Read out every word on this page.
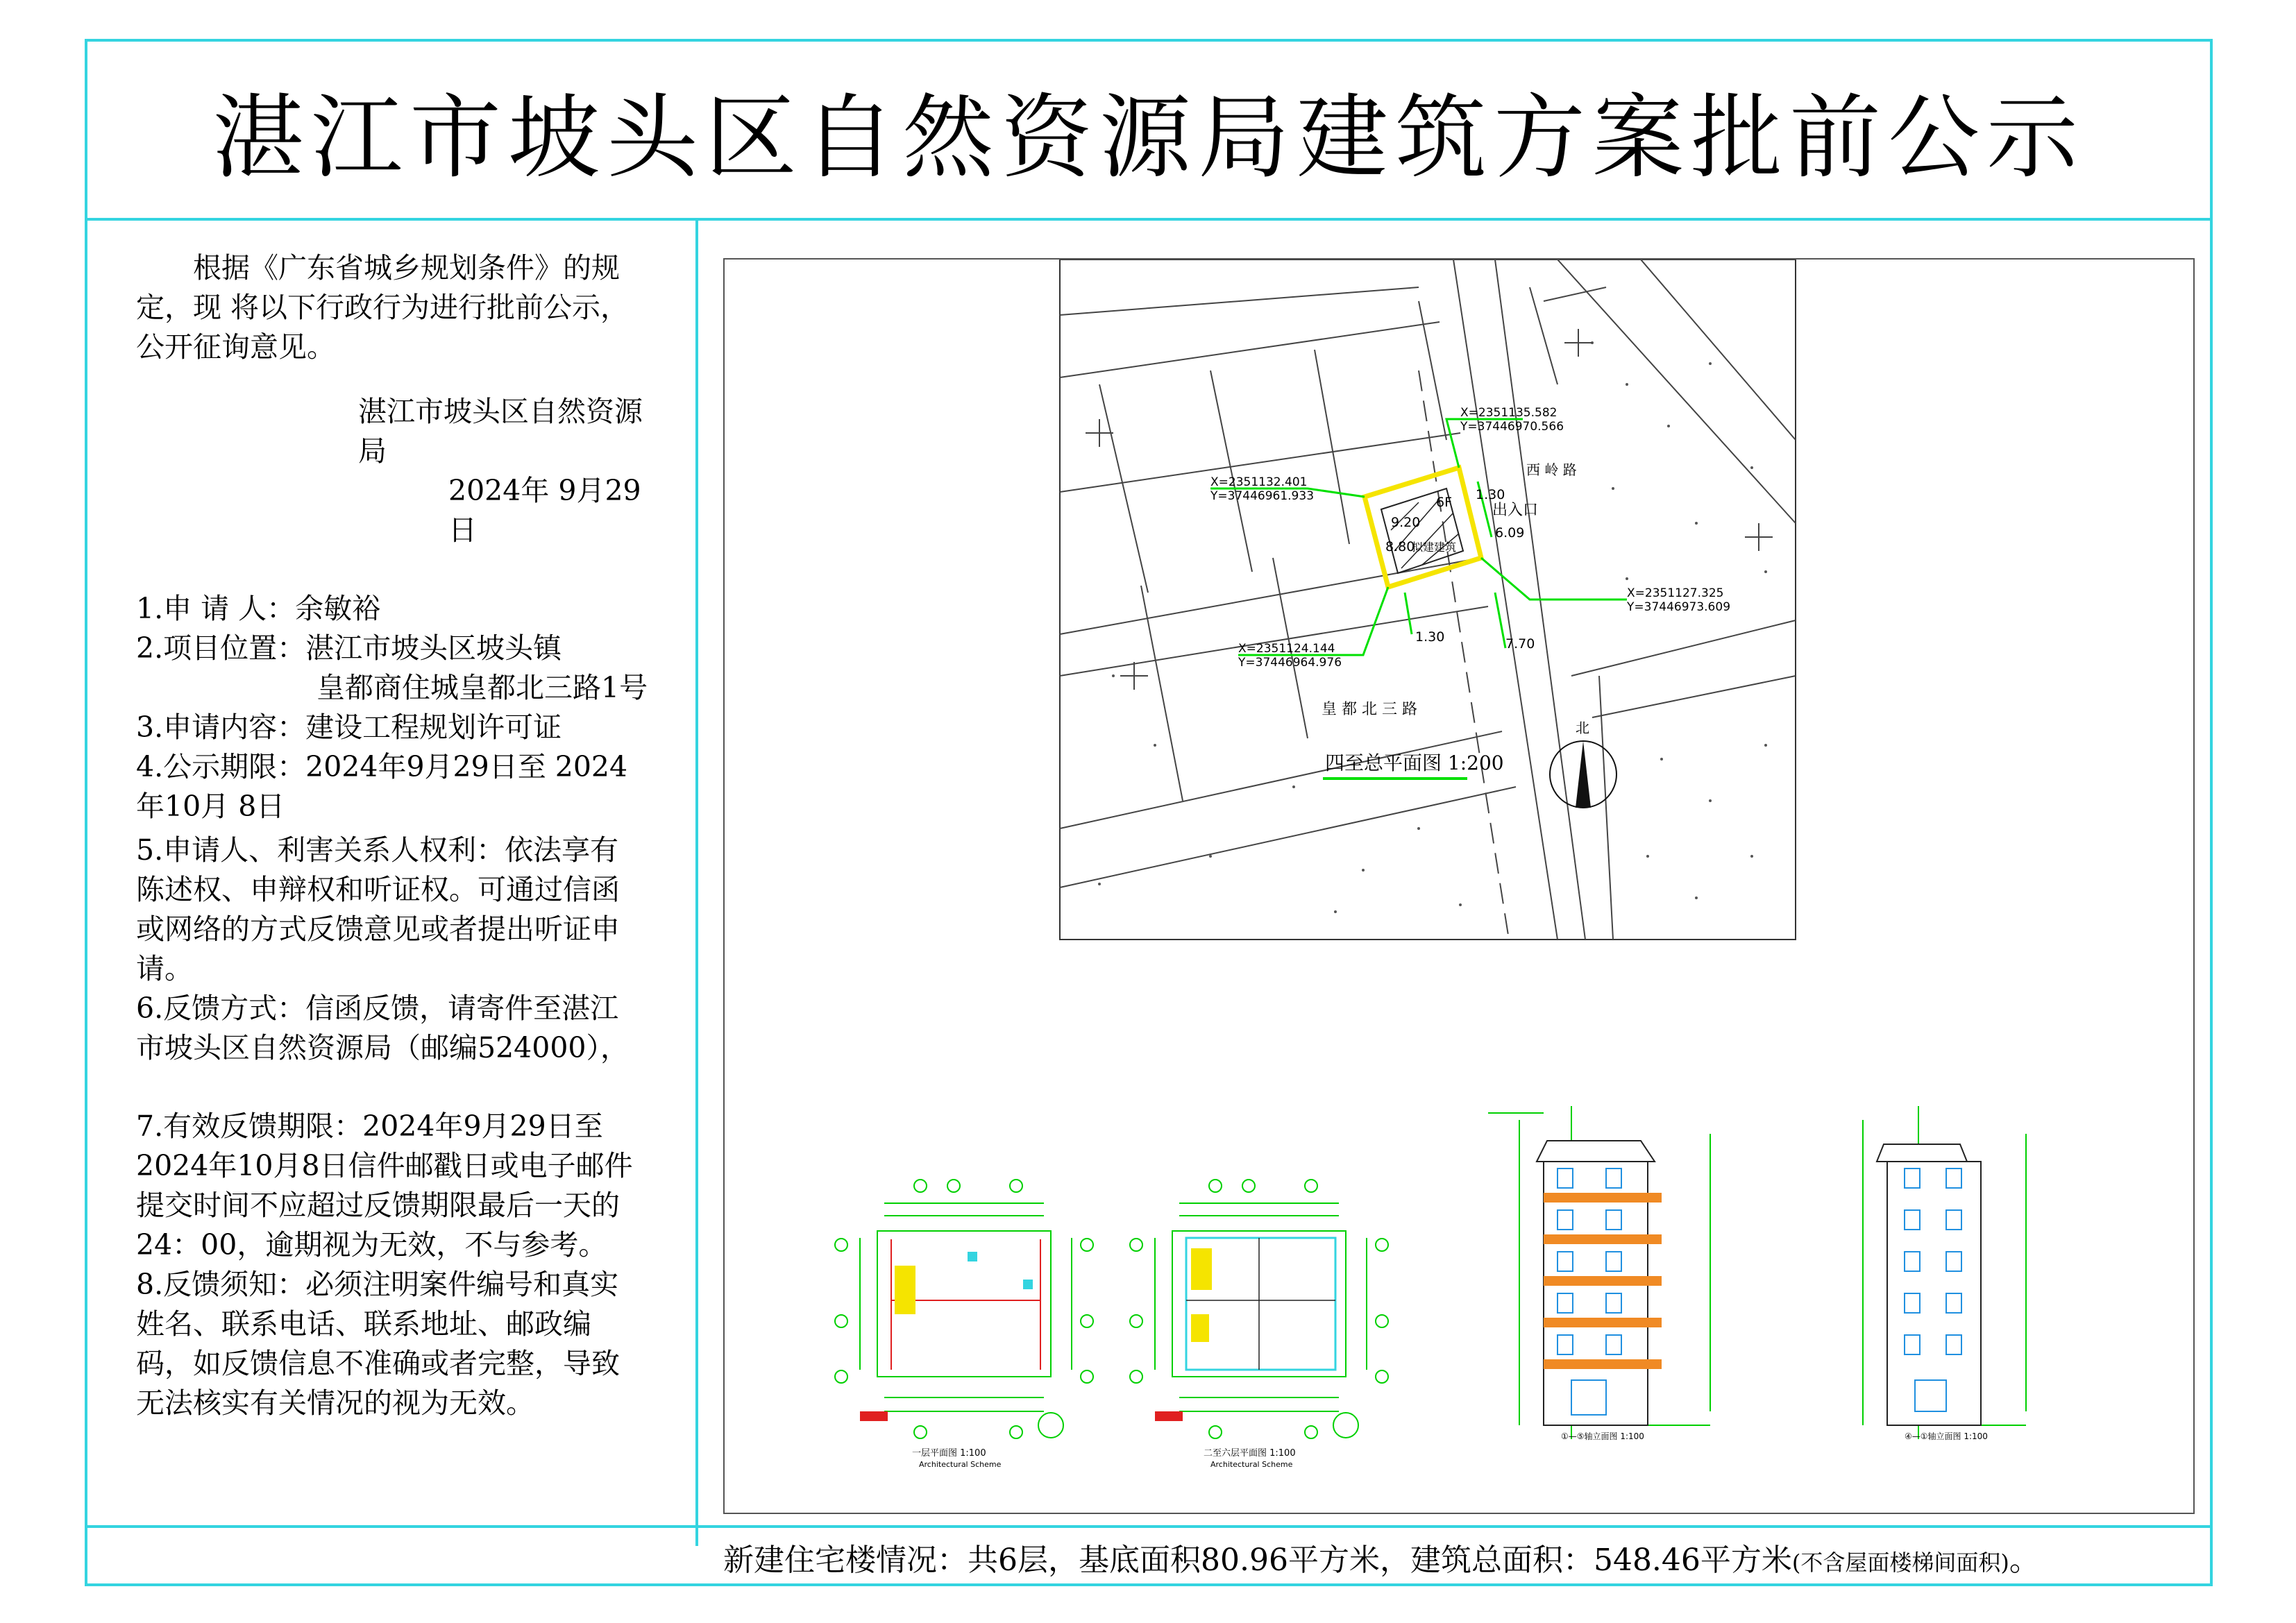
湛江市坡头区自然资源局建筑方案批前公示

根据《广东省城乡规划条件》的规

定，现 将以下行政行为进行批前公示，

公开征询意见。

湛江市坡头区自然资源局

2024年 9月29日

1.申 请 人：余敏裕

2.项目位置：湛江市坡头区坡头镇

皇都商住城皇都北三路1号

3.申请内容：建设工程规划许可证

4.公示期限：2024年9月29日至 2024

年10月 8日

5.申请人、利害关系人权利：依法享有

陈述权、申辩权和听证权。可通过信函

或网络的方式反馈意见或者提出听证申

请。

6.反馈方式：信函反馈，请寄件至湛江

市坡头区自然资源局（邮编524000），

7.有效反馈期限：2024年9月29日至

2024年10月8日信件邮戳日或电子邮件

提交时间不应超过反馈期限最后一天的

24：00，逾期视为无效，不与参考。

8.反馈须知：必须注明案件编号和真实

姓名、联系电话、联系地址、邮政编

码，如反馈信息不准确或者完整，导致

无法核实有关情况的视为无效。

X=2351135.582
Y=37446970.566
X=2351132.401
Y=37446961.933
X=2351127.325
Y=37446973.609
X=2351124.144
Y=37446964.976
9.20
8.80
1.30
6.09
1.30	7.70
6F
拟建建筑
出入口
皇 都 北 三 路
西 岭 路
四至总平面图 1:200
北
一层平面图 1:100
Architectural Scheme
二至六层平面图 1:100
Architectural Scheme
①—⑤轴立面图 1:100	④—①轴立面图 1:100
新建住宅楼情况：共6层，基底面积80.96平方米，建筑总面积：548.46平方米(不含屋面楼梯间面积)。
